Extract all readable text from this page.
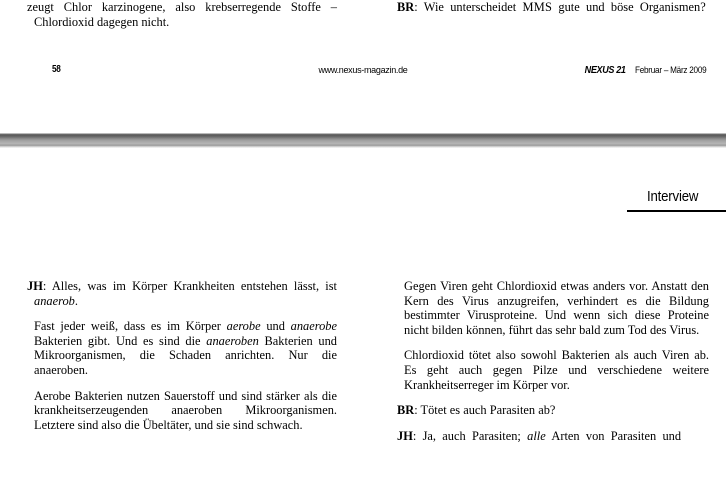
zeugt Chlor karzinogene, also krebserregende Stoffe – Chlordioxid dagegen nicht.

BR: Wie unterscheidet MMS gute und böse Organismen?

58	www.nexus-magazin.de	NEXUS 21 Februar – März 2009
Interview

JH: Alles, was im Körper Krankheiten entstehen lässt, ist anaerob.

Fast jeder weiß, dass es im Körper aerobe und anaerobe Bakterien gibt. Und es sind die anaeroben Bakterien und Mikroorganismen, die Schaden anrichten. Nur die anaeroben.

Aerobe Bakterien nutzen Sauerstoff und sind stärker als die krankheitserzeugenden anaeroben Mikroorganismen. Letztere sind also die Übeltäter, und sie sind schwach.

Gegen Viren geht Chlordioxid etwas anders vor. Anstatt den Kern des Virus anzugreifen, verhindert es die Bildung bestimmter Virusproteine. Und wenn sich diese Proteine nicht bilden können, führt das sehr bald zum Tod des Virus.

Chlordioxid tötet also sowohl Bakterien als auch Viren ab. Es geht auch gegen Pilze und verschiedene weitere Krankheitserreger im Körper vor.

BR: Tötet es auch Parasiten ab?

JH: Ja, auch Parasiten; alle Arten von Parasiten und
